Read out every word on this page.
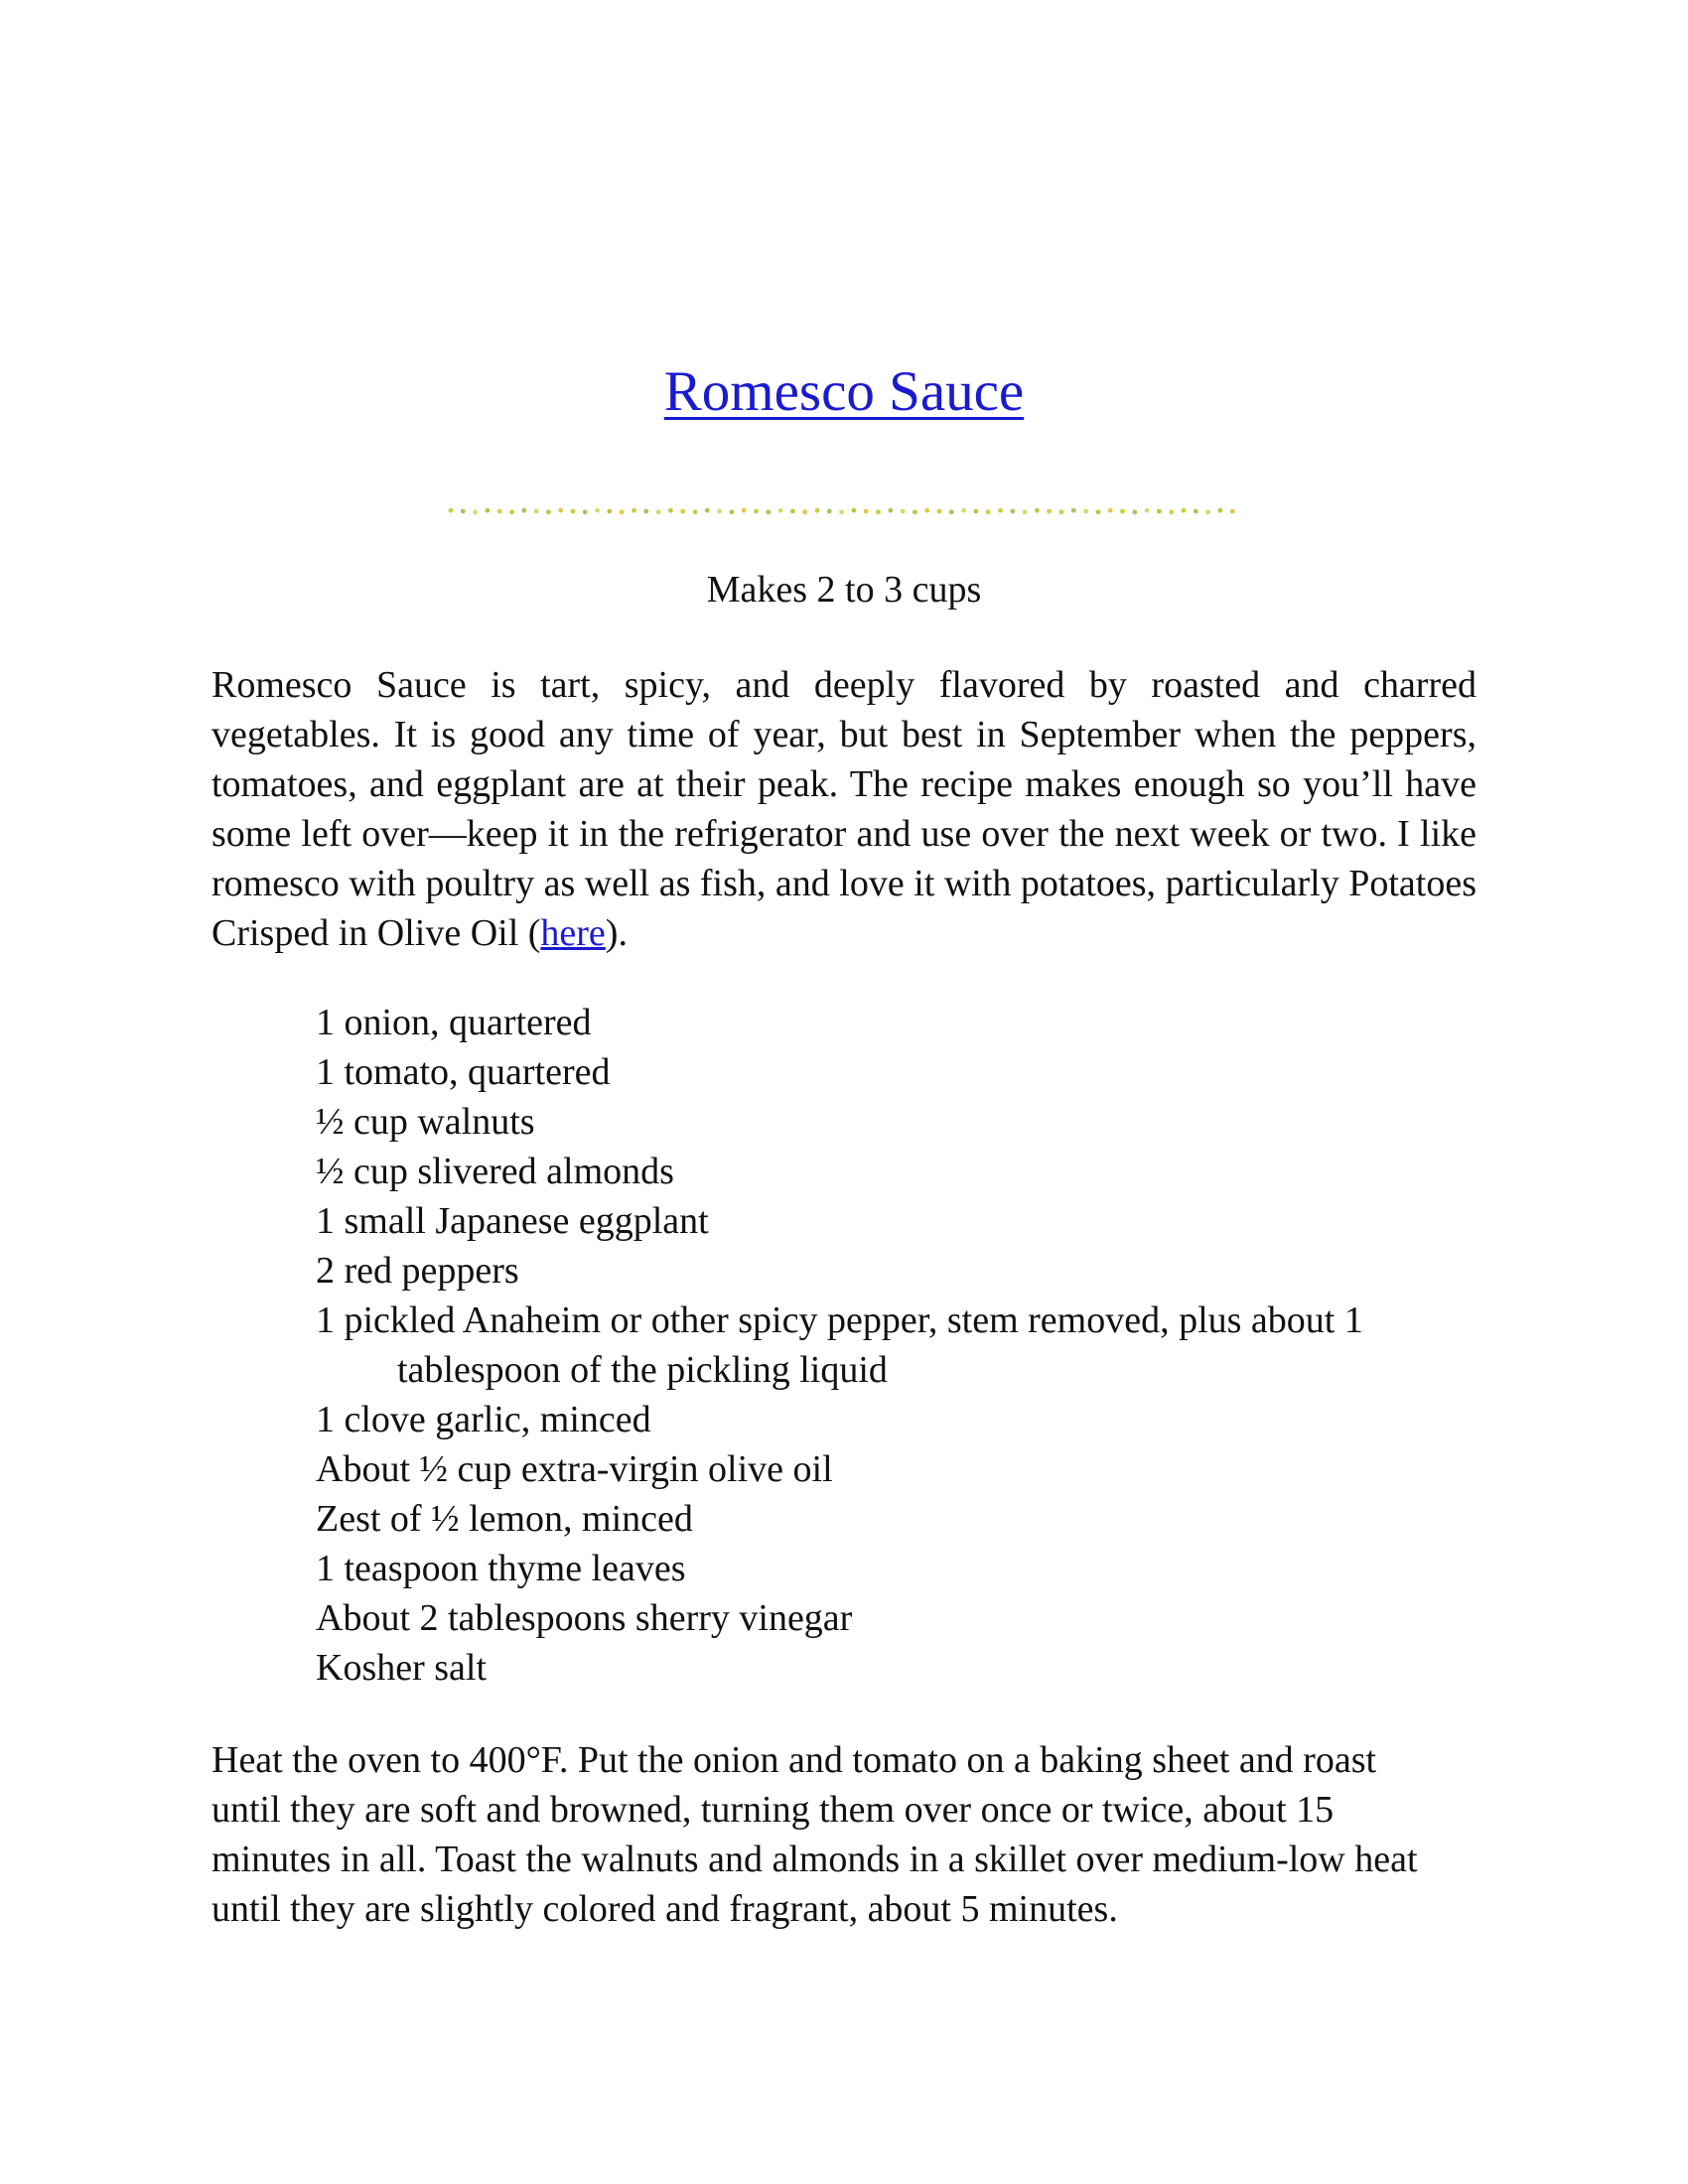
Romesco Sauce
Makes 2 to 3 cups

Romesco Sauce is tart, spicy, and deeply flavored by roasted and charred vegetables. It is good any time of year, but best in September when the peppers, tomatoes, and eggplant are at their peak. The recipe makes enough so you’ll have some left over—keep it in the refrigerator and use over the next week or two. I like romesco with poultry as well as fish, and love it with potatoes, particularly Potatoes Crisped in Olive Oil (here).

1 onion, quartered
1 tomato, quartered
½ cup walnuts
½ cup slivered almonds
1 small Japanese eggplant
2 red peppers
1 pickled Anaheim or other spicy pepper, stem removed, plus about 1 tablespoon of the pickling liquid
1 clove garlic, minced
About ½ cup extra-virgin olive oil
Zest of ½ lemon, minced
1 teaspoon thyme leaves
About 2 tablespoons sherry vinegar
Kosher salt

Heat the oven to 400°F. Put the onion and tomato on a baking sheet and roast until they are soft and browned, turning them over once or twice, about 15 minutes in all. Toast the walnuts and almonds in a skillet over medium-low heat until they are slightly colored and fragrant, about 5 minutes.
